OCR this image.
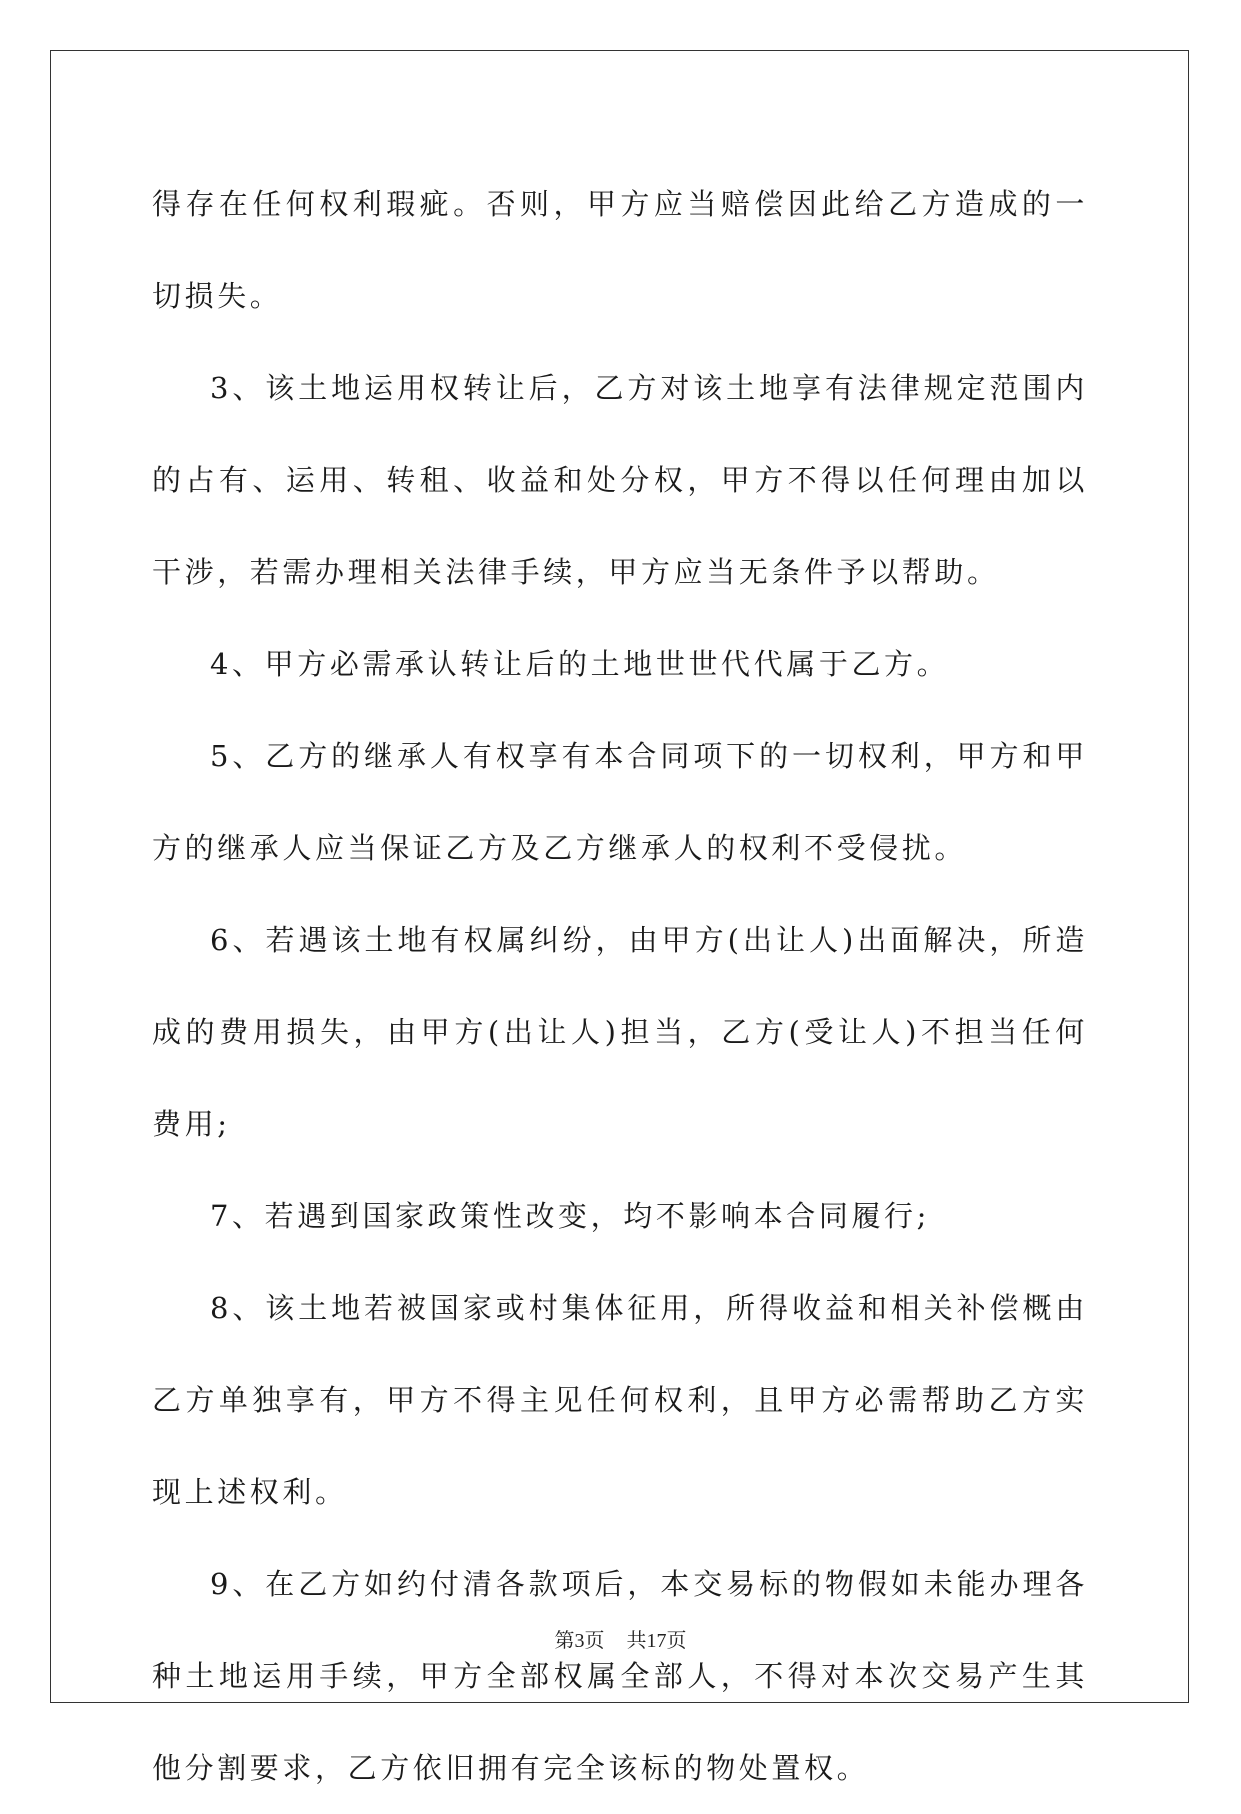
得存在任何权利瑕疵。否则，甲方应当赔偿因此给乙方造成的一切损失。

3、该土地运用权转让后，乙方对该土地享有法律规定范围内的占有、运用、转租、收益和处分权，甲方不得以任何理由加以干涉，若需办理相关法律手续，甲方应当无条件予以帮助。

4、甲方必需承认转让后的土地世世代代属于乙方。

5、乙方的继承人有权享有本合同项下的一切权利，甲方和甲方的继承人应当保证乙方及乙方继承人的权利不受侵扰。

6、若遇该土地有权属纠纷，由甲方(出让人)出面解决，所造成的费用损失，由甲方(出让人)担当，乙方(受让人)不担当任何费用;

7、若遇到国家政策性改变，均不影响本合同履行;

8、该土地若被国家或村集体征用，所得收益和相关补偿概由乙方单独享有，甲方不得主见任何权利，且甲方必需帮助乙方实现上述权利。

9、在乙方如约付清各款项后，本交易标的物假如未能办理各种土地运用手续，甲方全部权属全部人，不得对本次交易产生其他分割要求，乙方依旧拥有完全该标的物处置权。

第3页 共17页
